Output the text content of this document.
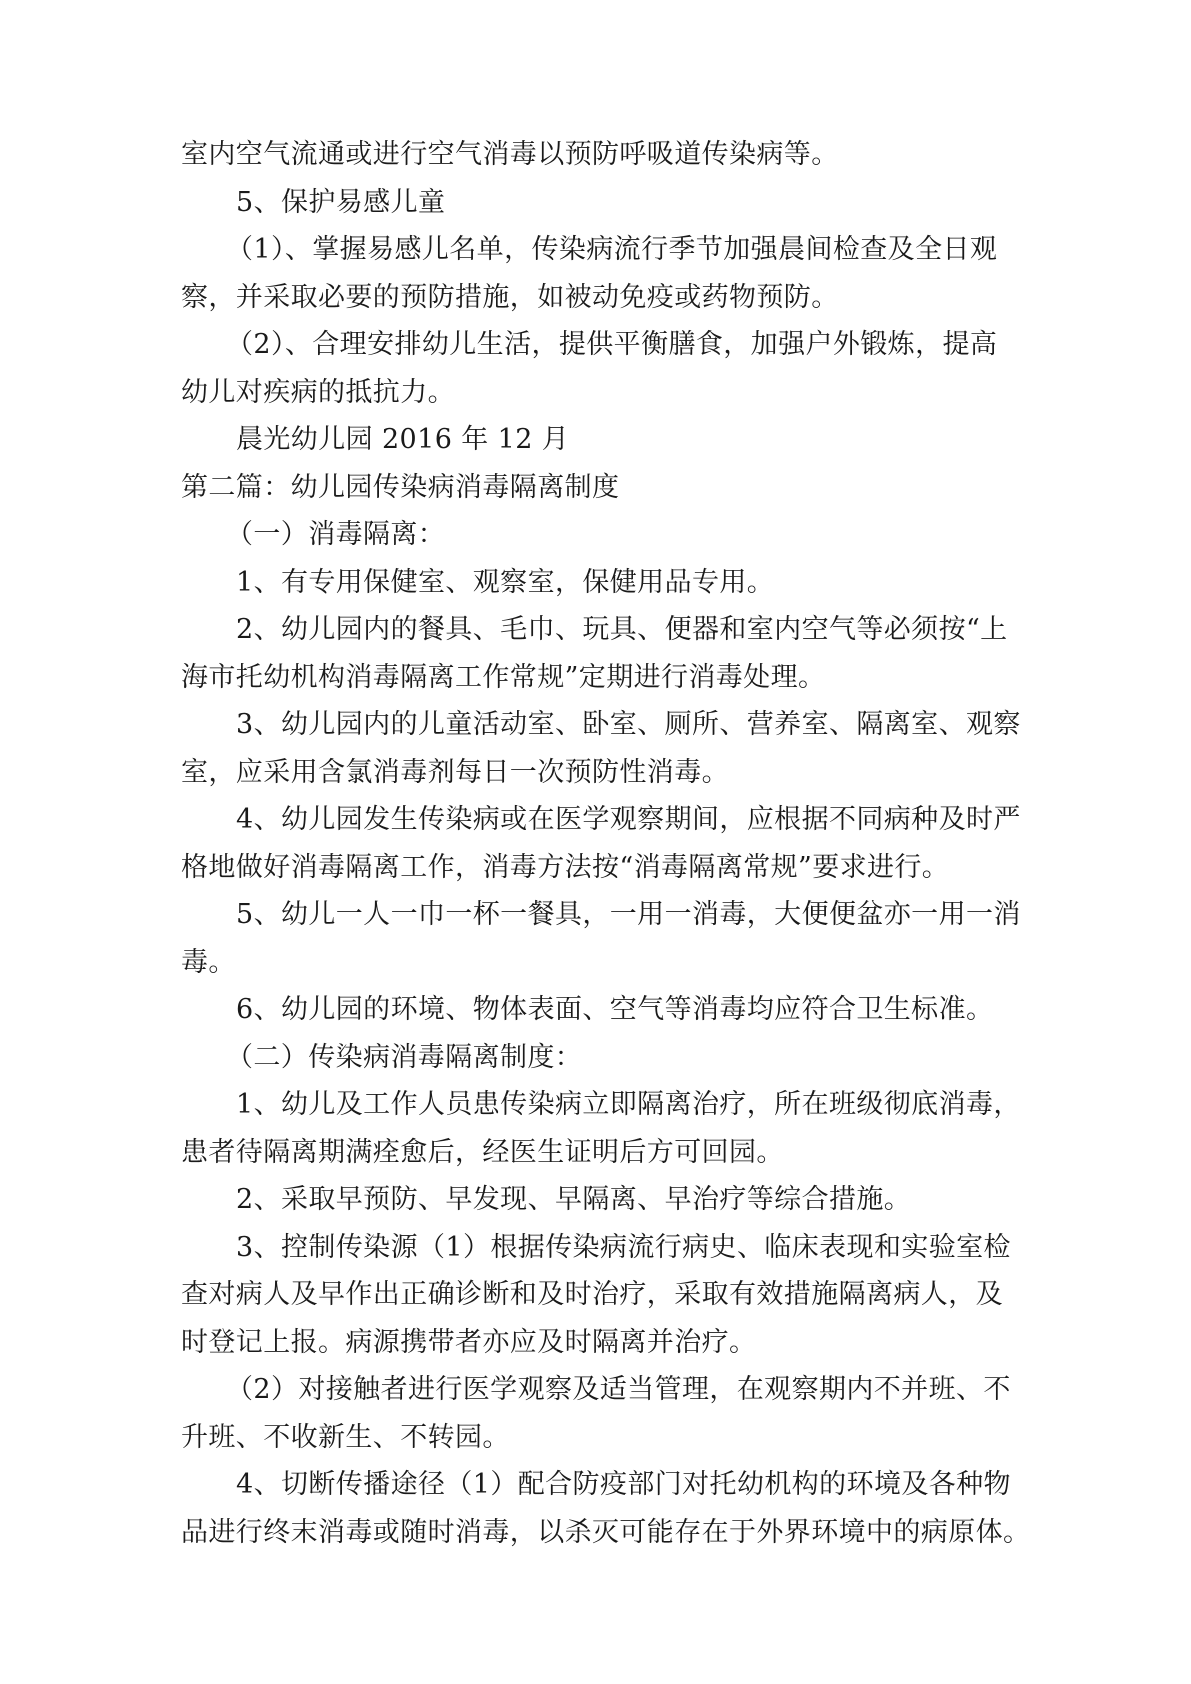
室内空气流通或进行空气消毒以预防呼吸道传染病等。
5、保护易感儿童
（1）、掌握易感儿名单，传染病流行季节加强晨间检查及全日观
察，并采取必要的预防措施，如被动免疫或药物预防。
（2）、合理安排幼儿生活，提供平衡膳食，加强户外锻炼，提高
幼儿对疾病的抵抗力。
晨光幼儿园 2016 年 12 月
第二篇：幼儿园传染病消毒隔离制度
（一）消毒隔离：
1、有专用保健室、观察室，保健用品专用。
2、幼儿园内的餐具、毛巾、玩具、便器和室内空气等必须按“上
海市托幼机构消毒隔离工作常规”定期进行消毒处理。
3、幼儿园内的儿童活动室、卧室、厕所、营养室、隔离室、观察
室，应采用含氯消毒剂每日一次预防性消毒。
4、幼儿园发生传染病或在医学观察期间，应根据不同病种及时严
格地做好消毒隔离工作，消毒方法按“消毒隔离常规”要求进行。
5、幼儿一人一巾一杯一餐具，一用一消毒，大便便盆亦一用一消
毒。
6、幼儿园的环境、物体表面、空气等消毒均应符合卫生标准。
（二）传染病消毒隔离制度：
1、幼儿及工作人员患传染病立即隔离治疗，所在班级彻底消毒，
患者待隔离期满痊愈后，经医生证明后方可回园。
2、采取早预防、早发现、早隔离、早治疗等综合措施。
3、控制传染源（1）根据传染病流行病史、临床表现和实验室检
查对病人及早作出正确诊断和及时治疗，采取有效措施隔离病人，及
时登记上报。病源携带者亦应及时隔离并治疗。
（2）对接触者进行医学观察及适当管理，在观察期内不并班、不
升班、不收新生、不转园。
4、切断传播途径（1）配合防疫部门对托幼机构的环境及各种物
品进行终末消毒或随时消毒，以杀灭可能存在于外界环境中的病原体。
